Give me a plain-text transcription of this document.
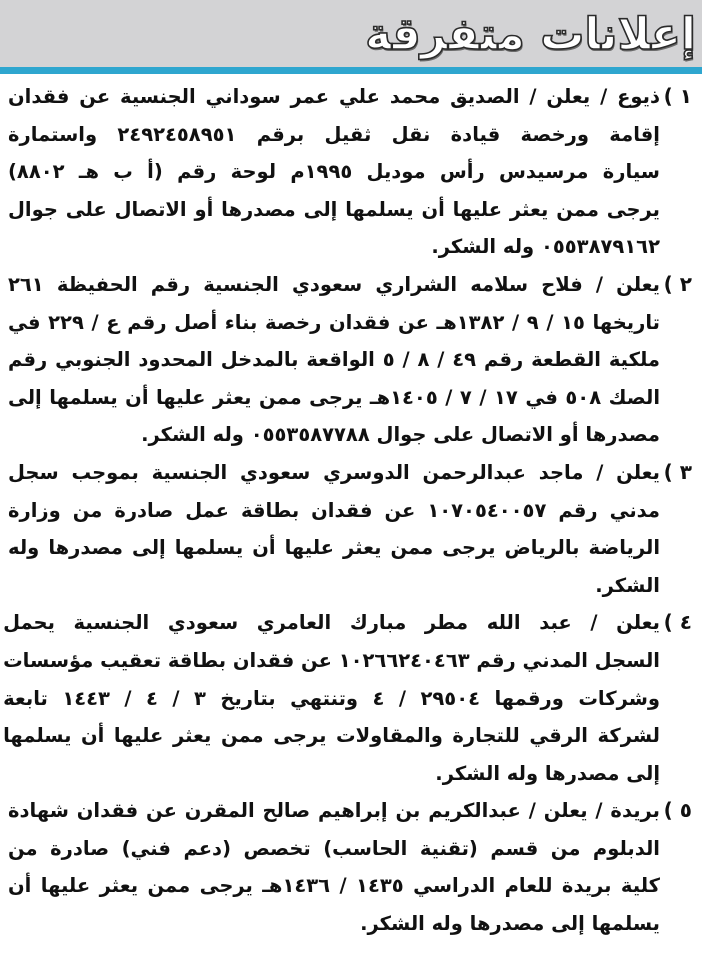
إعلانات متفرقة
١ )
ذيوع / يعلن / الصديق محمد علي عمر سوداني الجنسية عن فقدان
إقامة ورخصة قيادة نقل ثقيل برقم ٢٤٩٢٤٥٨٩٥١ واستمارة
سيارة مرسيدس رأس موديل ١٩٩٥م لوحة رقم (أ ب هـ ٨٨٠٢)
يرجى ممن يعثر عليها أن يسلمها إلى مصدرها أو الاتصال على جوال
٠٥٥٣٨٧٩١٦٢ وله الشكر.
٢ )
يعلن / فلاح سلامه الشراري سعودي الجنسية رقم الحفيظة ٢٦١
تاريخها ١٥ / ٩ / ١٣٨٢هـ عن فقدان رخصة بناء أصل رقم ع / ٢٢٩ في
ملكية القطعة رقم ٤٩ / ٨ / ٥ الواقعة بالمدخل المحدود الجنوبي رقم
الصك ٥٠٨ في ١٧ / ٧ / ١٤٠٥هـ يرجى ممن يعثر عليها أن يسلمها إلى
مصدرها أو الاتصال على جوال ٠٥٥٣٥٨٧٧٨٨ وله الشكر.
٣ )
يعلن / ماجد عبدالرحمن الدوسري سعودي الجنسية بموجب سجل
مدني رقم ١٠٧٠٥٤٠٠٥٧ عن فقدان بطاقة عمل صادرة من وزارة
الرياضة بالرياض يرجى ممن يعثر عليها أن يسلمها إلى مصدرها وله
الشكر.
٤ )
يعلن / عبد الله مطر مبارك العامري سعودي الجنسية يحمل
السجل المدني رقم ١٠٢٦٦٢٤٠٤٦٣ عن فقدان بطاقة تعقيب مؤسسات
وشركات ورقمها ٢٩٥٠٤ / ٤ وتنتهي بتاريخ ٣ / ٤ / ١٤٤٣ تابعة
لشركة الرقي للتجارة والمقاولات يرجى ممن يعثر عليها أن يسلمها
إلى مصدرها وله الشكر.
٥ )
بريدة / يعلن / عبدالكريم بن إبراهيم صالح المقرن عن فقدان شهادة
الدبلوم من قسم (تقنية الحاسب) تخصص (دعم فني) صادرة من
كلية بريدة للعام الدراسي ١٤٣٥ / ١٤٣٦هـ يرجى ممن يعثر عليها أن
يسلمها إلى مصدرها وله الشكر.
